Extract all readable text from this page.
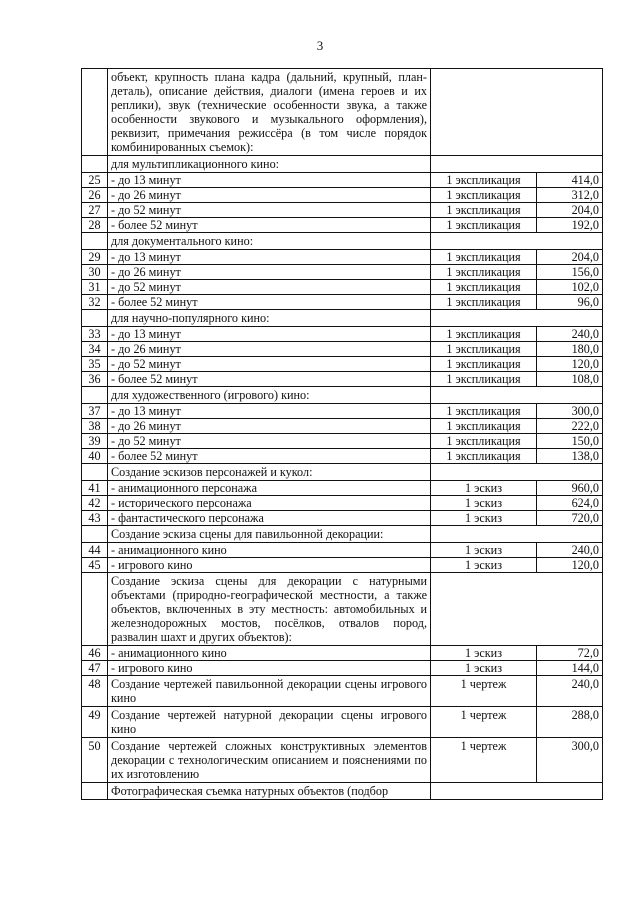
3
	объект, крупность плана кадра (дальний, крупный, план-деталь), описание действия, диалоги (имена героев и их реплики), звук (технические особенности звука, а также особенности звукового и музыкального оформления), реквизит, примечания режиссёра (в том числе порядок комбинированных съемок):		
	для мультипликационного кино:		
25	- до 13 минут	1 экспликация	414,0
26	- до 26 минут	1 экспликация	312,0
27	- до 52 минут	1 экспликация	204,0
28	- более 52 минут	1 экспликация	192,0
	для документального кино:		
29	- до 13 минут	1 экспликация	204,0
30	- до 26 минут	1 экспликация	156,0
31	- до 52 минут	1 экспликация	102,0
32	- более 52 минут	1 экспликация	96,0
	для научно-популярного кино:		
33	- до 13 минут	1 экспликация	240,0
34	- до 26 минут	1 экспликация	180,0
35	- до 52 минут	1 экспликация	120,0
36	- более 52 минут	1 экспликация	108,0
	для художественного (игрового) кино:		
37	- до 13 минут	1 экспликация	300,0
38	- до 26 минут	1 экспликация	222,0
39	- до 52 минут	1 экспликация	150,0
40	- более 52 минут	1 экспликация	138,0
	Создание эскизов персонажей и кукол:		
41	- анимационного персонажа	1 эскиз	960,0
42	- исторического персонажа	1 эскиз	624,0
43	- фантастического персонажа	1 эскиз	720,0
	Создание эскиза сцены для павильонной декорации:		
44	- анимационного кино	1 эскиз	240,0
45	- игрового кино	1 эскиз	120,0
	Создание эскиза сцены для декорации с натурными объектами (природно-географической местности, а также объектов, включенных в эту местность: автомобильных и железнодорожных мостов, посёлков, отвалов пород, развалин шахт и других объектов):		
46	- анимационного кино	1 эскиз	72,0
47	- игрового кино	1 эскиз	144,0
48	Создание чертежей павильонной декорации сцены игрового кино	1 чертеж	240,0
49	Создание чертежей натурной декорации сцены игрового кино	1 чертеж	288,0
50	Создание чертежей сложных конструктивных элементов декорации с технологическим описанием и пояснениями по их изготовлению	1 чертеж	300,0
	Фотографическая съемка натурных объектов (подбор		
